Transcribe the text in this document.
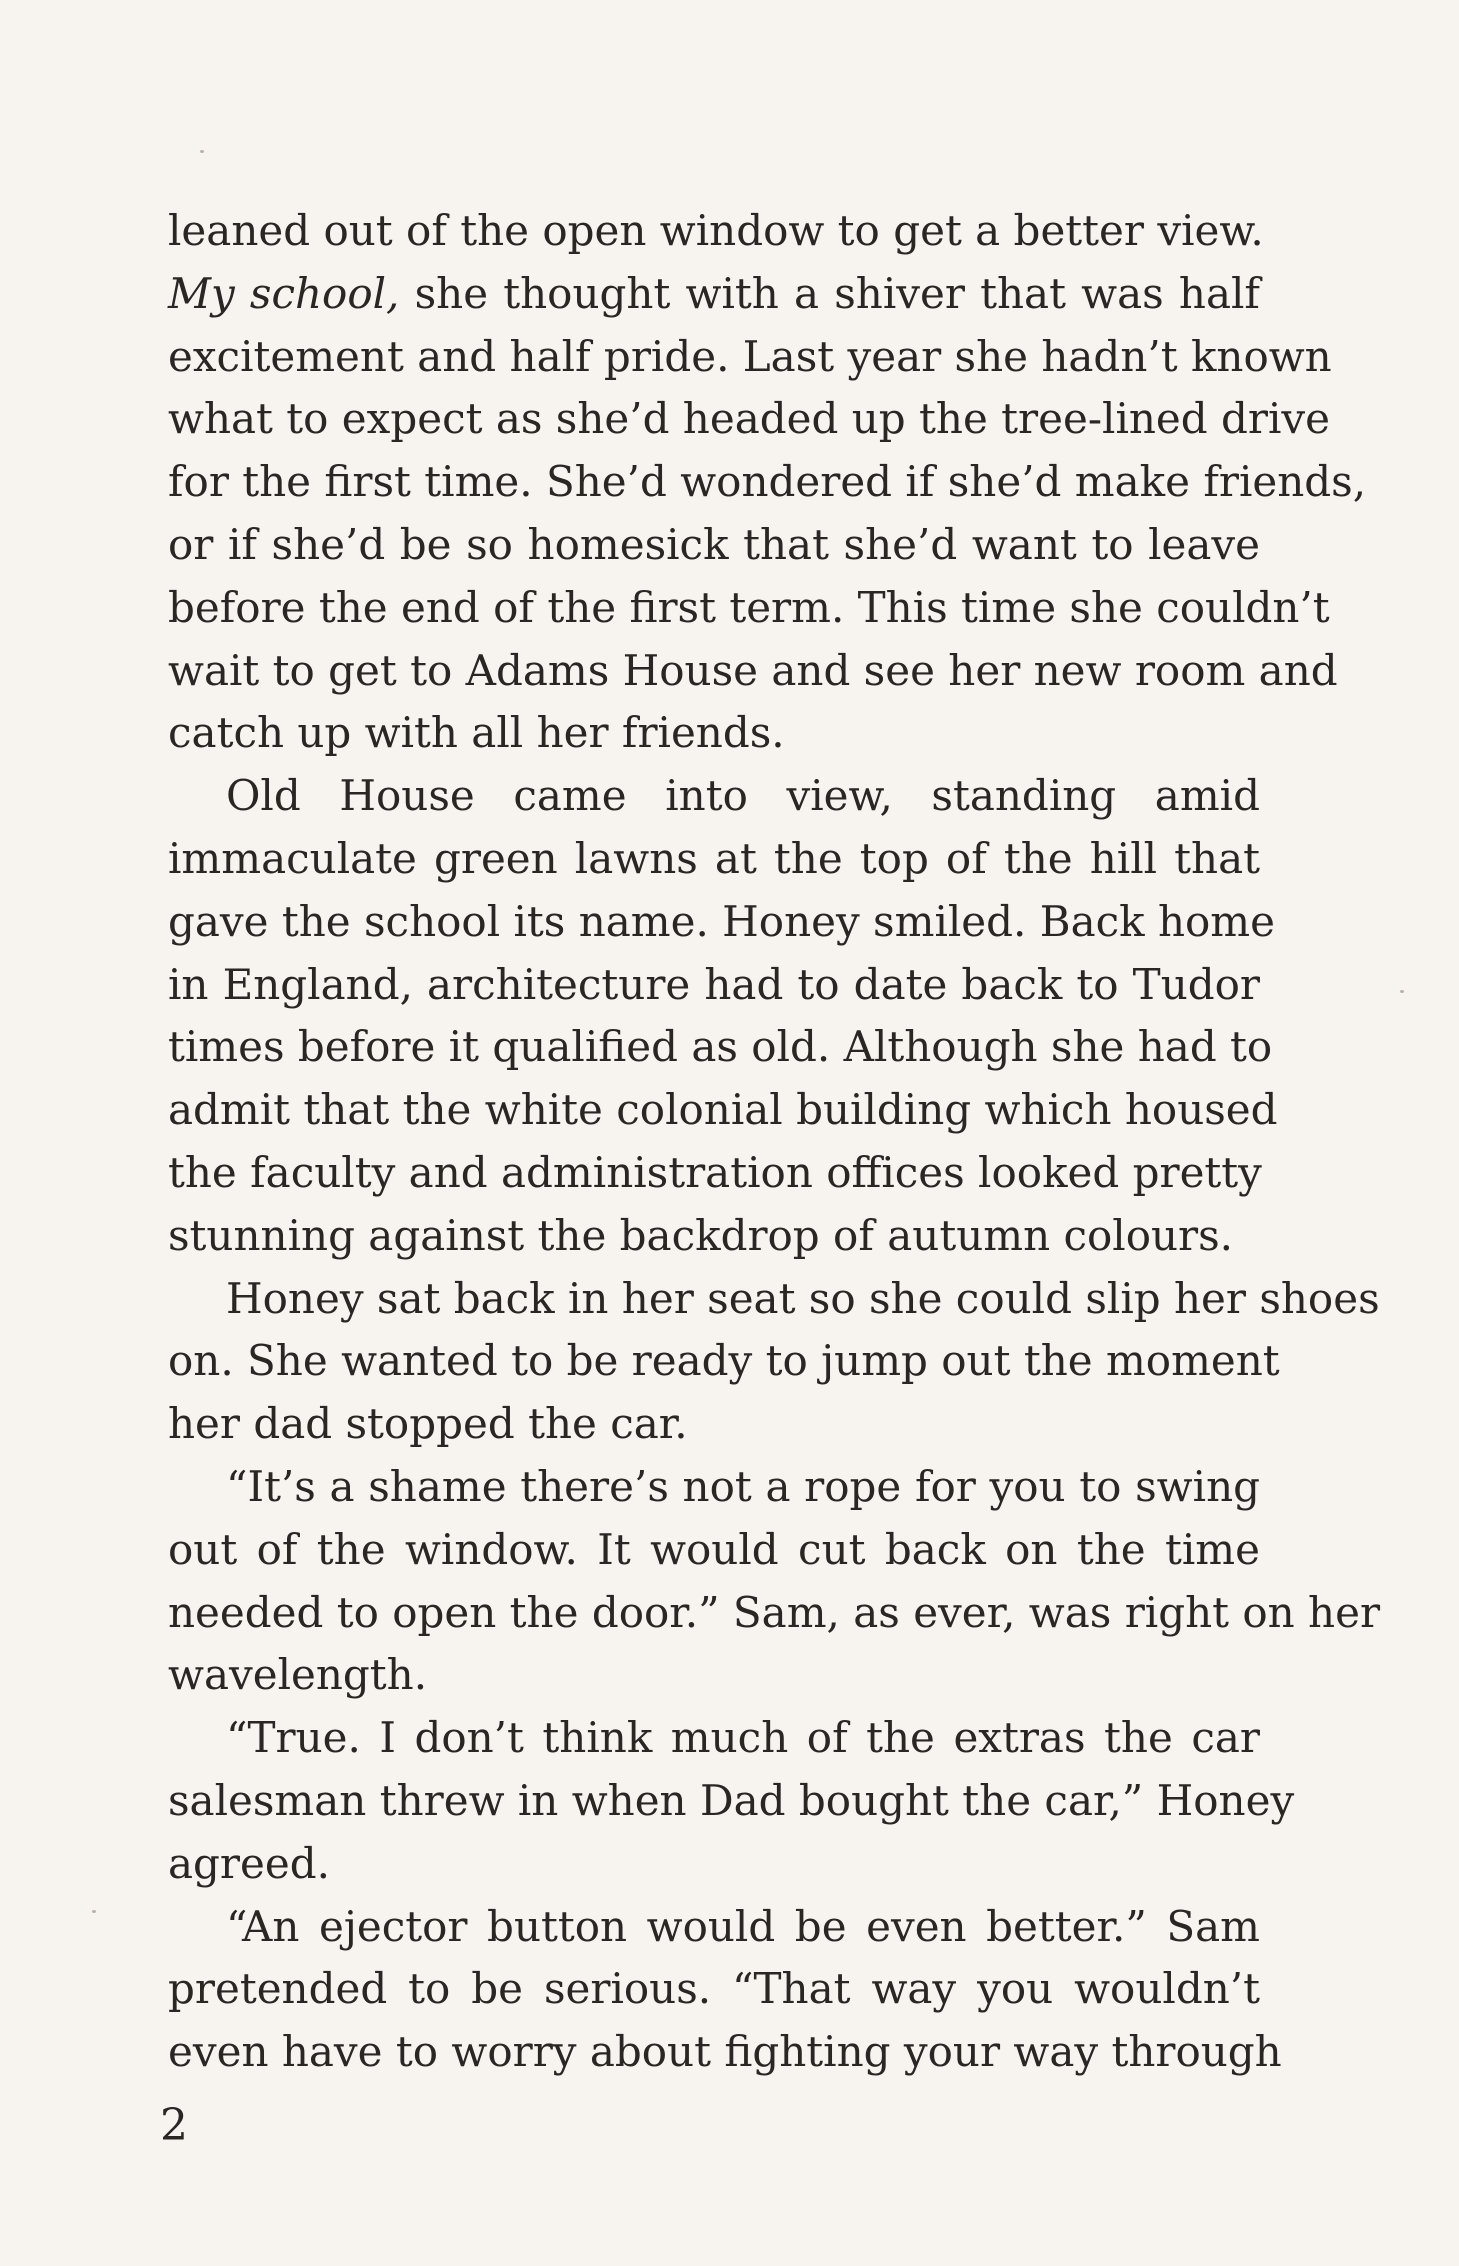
leaned out of the open window to get a better view.
My school, she thought with a shiver that was half
excitement and half pride. Last year she hadn’t known
what to expect as she’d headed up the tree-lined drive
for the first time. She’d wondered if she’d make friends,
or if she’d be so homesick that she’d want to leave
before the end of the first term. This time she couldn’t
wait to get to Adams House and see her new room and
catch up with all her friends.
Old House came into view, standing amid
immaculate green lawns at the top of the hill that
gave the school its name. Honey smiled. Back home
in England, architecture had to date back to Tudor
times before it qualified as old. Although she had to
admit that the white colonial building which housed
the faculty and administration offices looked pretty
stunning against the backdrop of autumn colours.
Honey sat back in her seat so she could slip her shoes
on. She wanted to be ready to jump out the moment
her dad stopped the car.
“It’s a shame there’s not a rope for you to swing
out of the window. It would cut back on the time
needed to open the door.” Sam, as ever, was right on her
wavelength.
“True. I don’t think much of the extras the car
salesman threw in when Dad bought the car,” Honey
agreed.
“An ejector button would be even better.” Sam
pretended to be serious. “That way you wouldn’t
even have to worry about fighting your way through
2
